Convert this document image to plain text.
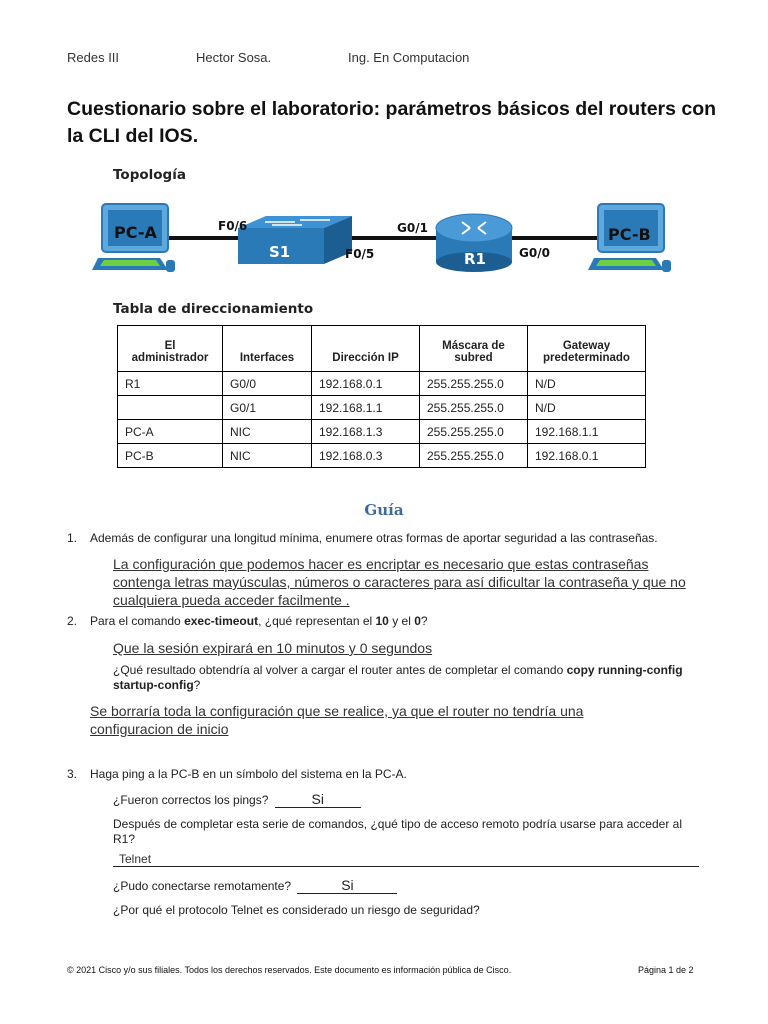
Redes III	Hector Sosa.	Ing. En Computacion
Cuestionario sobre el laboratorio: parámetros básicos del routers con la CLI del IOS.
Topología
PC-A
S1	R1
PC-B
F0/6
F0/5
G0/1
G0/0
Tabla de direccionamiento
El administrador	Interfaces	Dirección IP	Máscara de subred	Gateway predeterminado
R1	G0/0	192.168.0.1	255.255.255.0	N/D
	G0/1	192.168.1.1	255.255.255.0	N/D
PC-A	NIC	192.168.1.3	255.255.255.0	192.168.1.1
PC-B	NIC	192.168.0.3	255.255.255.0	192.168.0.1
Guía
1. Además de configurar una longitud mínima, enumere otras formas de aportar seguridad a las contraseñas.
La configuración que podemos hacer es encriptar es necesario que estas contraseñas contenga letras mayúsculas, números o caracteres para así dificultar la contraseña y que no cualquiera pueda acceder facilmente .
2. Para el comando exec-timeout, ¿qué representan el 10 y el 0?
Que la sesión expirará en 10 minutos y 0 segundos
¿Qué resultado obtendría al volver a cargar el router antes de completar el comando copy running-config startup-config?
Se borraría toda la configuración que se realice, ya que el router no tendría una configuracion de inicio
3. Haga ping a la PC-B en un símbolo del sistema en la PC-A.
¿Fueron correctos los pings?	Si
Después de completar esta serie de comandos, ¿qué tipo de acceso remoto podría usarse para acceder al R1?
Telnet
¿Pudo conectarse remotamente?	Si
¿Por qué el protocolo Telnet es considerado un riesgo de seguridad?
© 2021 Cisco y/o sus filiales. Todos los derechos reservados. Este documento es información pública de Cisco.	Página 1 de 2
